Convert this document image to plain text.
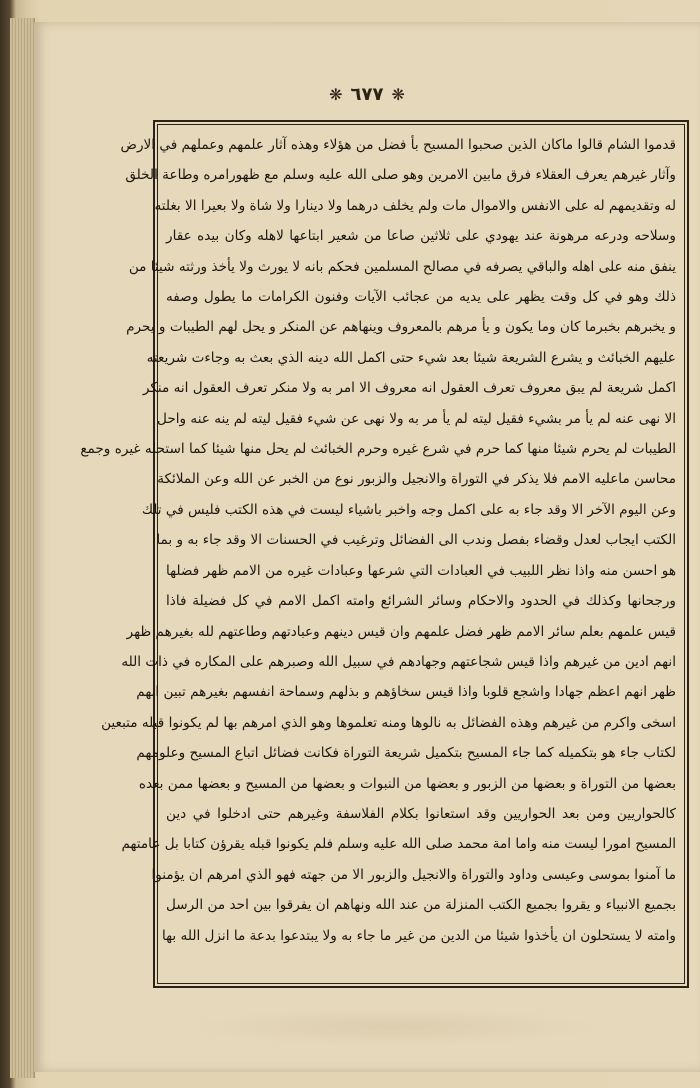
❋ ٦٧٧ ❋
قدموا الشام قالوا ماكان الذين صحبوا المسيح بأ فضل من هؤلاء وهذه آثار علمهم وعملهم في الارض
وآثار غيرهم يعرف العقلاء فرق مابين الامرين وهو صلى الله عليه وسلم مع ظهورامره وطاعة الخلق
له وتقديمهم له على الانفس والاموال مات ولم يخلف درهما ولا دينارا ولا شاة ولا بعيرا الا بغلته
وسلاحه ودرعه مرهونة عند يهودي على ثلاثين صاعا من شعير ابتاعها لاهله وكان بيده عقار
ينفق منه على اهله والباقي يصرفه في مصالح المسلمين فحكم بانه لا يورث ولا يأخذ ورثته شيئا من
ذلك وهو في كل وقت يظهر على يديه من عجائب الآيات وفنون الكرامات ما يطول وصفه
و يخبرهم بخبرما كان وما يكون و يأ مرهم بالمعروف وينهاهم عن المنكر و يحل لهم الطيبات و يحرم
عليهم الخبائث و يشرع الشريعة شيئا بعد شيء حتى اكمل الله دينه الذي بعث به وجاءت شريعته
اكمل شريعة لم يبق معروف تعرف العقول انه معروف الا امر به ولا منكر تعرف العقول انه منكر
الا نهى عنه لم يأ مر بشيء فقيل ليته لم يأ مر به ولا نهى عن شيء فقيل ليته لم ينه عنه واحل
الطيبات لم يحرم شيئا منها كما حرم في شرع غيره وحرم الخبائث لم يحل منها شيئا كما استحله غيره وجمع
محاسن ماعليه الامم فلا يذكر في التوراة والانجيل والزبور نوع من الخبر عن الله وعن الملائكة
وعن اليوم الآخر الا وقد جاء به على اكمل وجه واخبر باشياء ليست في هذه الكتب فليس في تلك
الكتب ايجاب لعدل وقضاء بفصل وندب الى الفضائل وترغيب في الحسنات الا وقد جاء به و بما
هو احسن منه واذا نظر اللبيب في العبادات التي شرعها وعبادات غيره من الامم ظهر فضلها
ورجحانها وكذلك في الحدود والاحكام وسائر الشرائع وامته اكمل الامم في كل فضيلة فاذا
قيس علمهم بعلم سائر الامم ظهر فضل علمهم وان قيس دينهم وعبادتهم وطاعتهم لله بغيرهم ظهر
انهم ادين من غيرهم واذا قيس شجاعتهم وجهادهم في سبيل الله وصبرهم على المكاره في ذات الله
ظهر انهم اعظم جهادا واشجع قلوبا واذا قيس سخاؤهم و بذلهم وسماحة انفسهم بغيرهم تبين انهم
اسخى واكرم من غيرهم وهذه الفضائل به نالوها ومنه تعلموها وهو الذي امرهم بها لم يكونوا قبله متبعين
لكتاب جاء هو بتكميله كما جاء المسيح بتكميل شريعة التوراة فكانت فضائل اتباع المسيح وعلومهم
بعضها من التوراة و بعضها من الزبور و بعضها من النبوات و بعضها من المسيح و بعضها ممن بعده
كالحواريين ومن بعد الحواريين وقد استعانوا بكلام الفلاسفة وغيرهم حتى ادخلوا في دين
المسيح امورا ليست منه واما امة محمد صلى الله عليه وسلم فلم يكونوا قبله يقرؤن كتابا بل عامتهم
ما آمنوا بموسى وعيسى وداود والتوراة والانجيل والزبور الا من جهته فهو الذي امرهم ان يؤمنوا
بجميع الانبياء و يقروا بجميع الكتب المنزلة من عند الله ونهاهم ان يفرقوا بين احد من الرسل
وامته لا يستحلون ان يأخذوا شيئا من الدين من غير ما جاء به ولا يبتدعوا بدعة ما انزل الله بها
